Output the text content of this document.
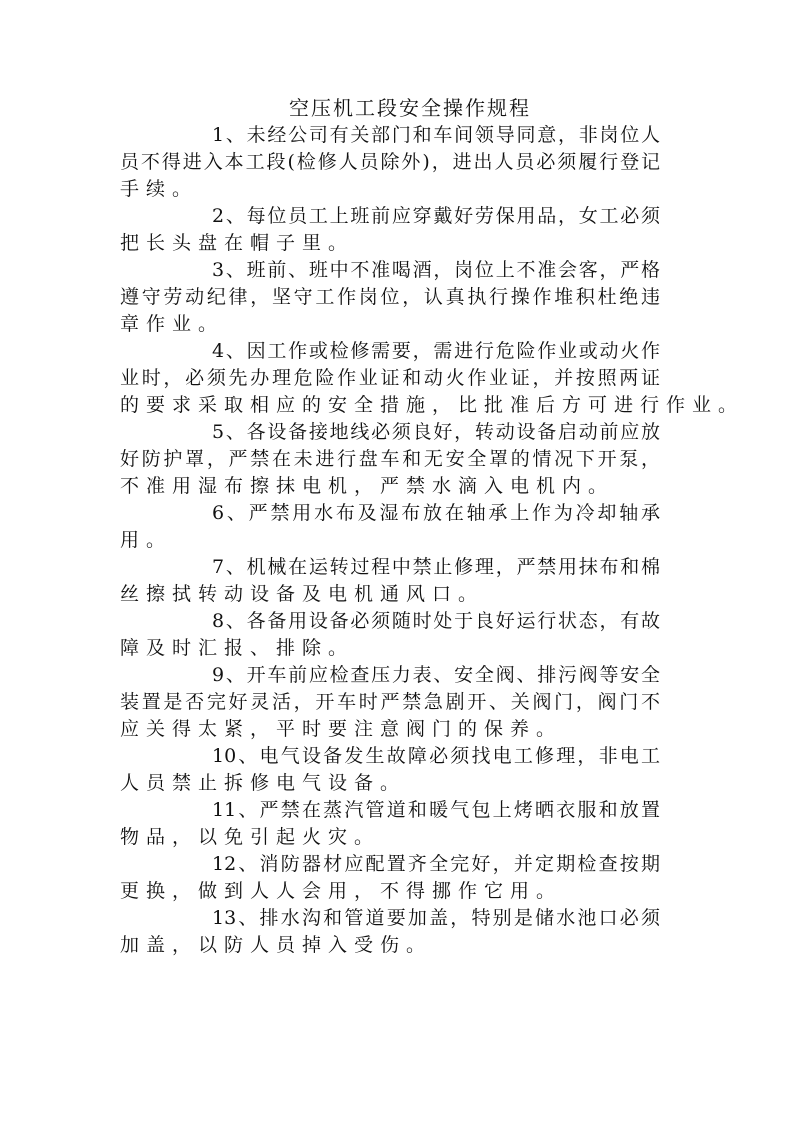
空压机工段安全操作规程
1、未经公司有关部门和车间领导同意，非岗位人
员不得进入本工段(检修人员除外)，进出人员必须履行登记
手续。
2、每位员工上班前应穿戴好劳保用品，女工必须
把长头盘在帽子里。
3、班前、班中不准喝酒，岗位上不准会客，严格
遵守劳动纪律，坚守工作岗位，认真执行操作堆积杜绝违
章作业。
4、因工作或检修需要，需进行危险作业或动火作
业时，必须先办理危险作业证和动火作业证，并按照两证
的要求采取相应的安全措施，比批准后方可进行作业。
5、各设备接地线必须良好，转动设备启动前应放
好防护罩，严禁在未进行盘车和无安全罩的情况下开泵，
不准用湿布擦抹电机，严禁水滴入电机内。
6、严禁用水布及湿布放在轴承上作为冷却轴承
用。
7、机械在运转过程中禁止修理，严禁用抹布和棉
丝擦拭转动设备及电机通风口。
8、各备用设备必须随时处于良好运行状态，有故
障及时汇报、排除。
9、开车前应检查压力表、安全阀、排污阀等安全
装置是否完好灵活，开车时严禁急剧开、关阀门，阀门不
应关得太紧，平时要注意阀门的保养。
10、电气设备发生故障必须找电工修理，非电工
人员禁止拆修电气设备。
11、严禁在蒸汽管道和暖气包上烤晒衣服和放置
物品，以免引起火灾。
12、消防器材应配置齐全完好，并定期检查按期
更换，做到人人会用，不得挪作它用。
13、排水沟和管道要加盖，特别是储水池口必须
加盖，以防人员掉入受伤。
